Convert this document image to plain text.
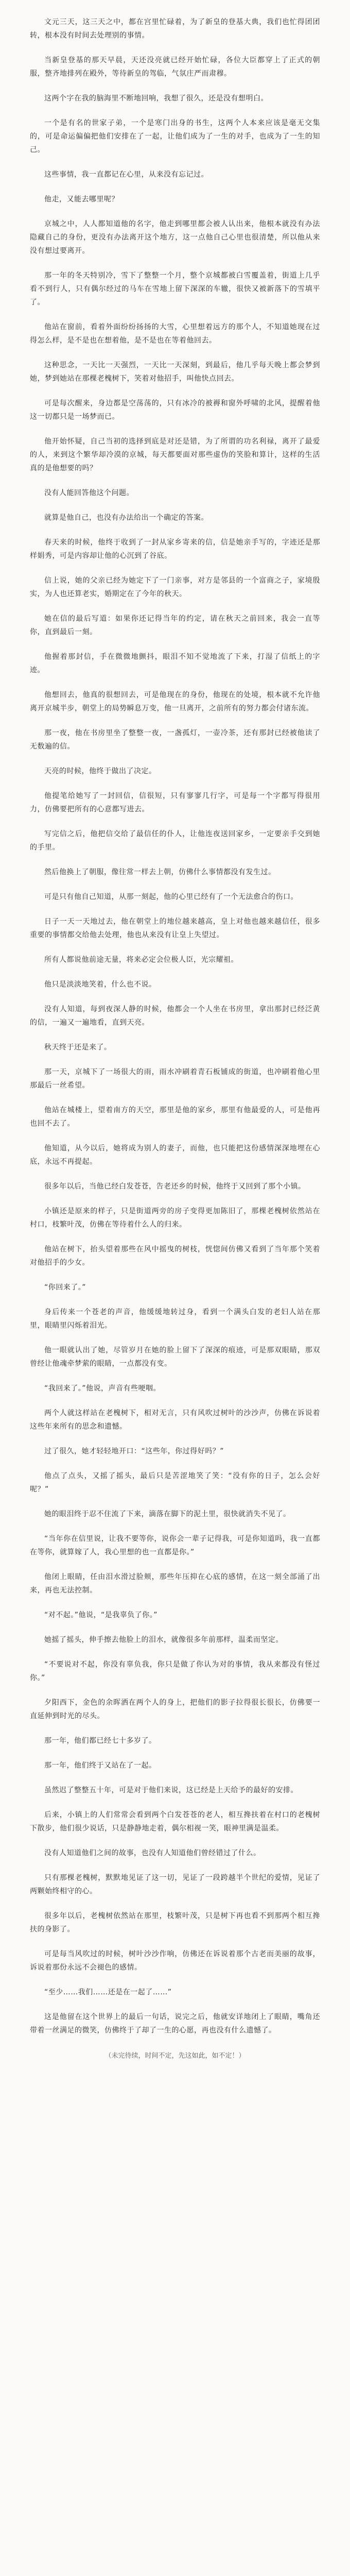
文元三天，这三天之中，都在宫里忙碌着，为了新皇的登基大典，我们也忙得团团转，根本没有时间去处理别的事情。

当新皇登基的那天早晨，天还没亮就已经开始忙碌，各位大臣都穿上了正式的朝服，整齐地排列在殿外，等待新皇的驾临，气氛庄严而肃穆。

这两个字在我的脑海里不断地回响，我想了很久，还是没有想明白。

一个是有名的世家子弟，一个是寒门出身的书生，这两个人本来应该是毫无交集的，可是命运偏偏把他们安排在了一起，让他们成为了一生的对手，也成为了一生的知己。

这些事情，我一直都记在心里，从来没有忘记过。

他走，又能去哪里呢？

京城之中，人人都知道他的名字，他走到哪里都会被人认出来，他根本就没有办法隐藏自己的身份，更没有办法离开这个地方，这一点他自己心里也很清楚，所以他从来没有想过要离开。

那一年的冬天特别冷，雪下了整整一个月，整个京城都被白雪覆盖着，街道上几乎看不到行人，只有偶尔经过的马车在雪地上留下深深的车辙，很快又被新落下的雪填平了。

他站在窗前，看着外面纷纷扬扬的大雪，心里想着远方的那个人，不知道她现在过得怎么样，是不是也在想着他，是不是也在等着他回去。

这种思念，一天比一天强烈，一天比一天深刻，到最后，他几乎每天晚上都会梦到她，梦到她站在那棵老槐树下，笑着对他招手，叫他快点回去。

可是每次醒来，身边都是空荡荡的，只有冰冷的被褥和窗外呼啸的北风，提醒着他这一切都只是一场梦而已。

他开始怀疑，自己当初的选择到底是对还是错，为了所谓的功名利禄，离开了最爱的人，来到这个繁华却冷漠的京城，每天都要面对那些虚伪的笑脸和算计，这样的生活真的是他想要的吗？

没有人能回答他这个问题。

就算是他自己，也没有办法给出一个确定的答案。

春天来的时候，他终于收到了一封从家乡寄来的信，信是她亲手写的，字迹还是那样娟秀，可是内容却让他的心沉到了谷底。

信上说，她的父亲已经为她定下了一门亲事，对方是邻县的一个富商之子，家境殷实，为人也还算老实，婚期定在了今年的秋天。

她在信的最后写道：如果你还记得当年的约定，请在秋天之前回来，我会一直等你，直到最后一刻。

他握着那封信，手在微微地颤抖，眼泪不知不觉地流了下来，打湿了信纸上的字迹。

他想回去，他真的很想回去，可是他现在的身份，他现在的处境，根本就不允许他离开京城半步，朝堂上的局势瞬息万变，他一旦离开，之前所有的努力都会付诸东流。

那一夜，他在书房里坐了整整一夜，一盏孤灯，一壶冷茶，还有那封已经被他读了无数遍的信。

天亮的时候，他终于做出了决定。

他提笔给她写了一封回信，信很短，只有寥寥几行字，可是每一个字都写得很用力，仿佛要把所有的心意都写进去。

写完信之后，他把信交给了最信任的仆人，让他连夜送回家乡，一定要亲手交到她的手里。

然后他换上了朝服，像往常一样去上朝，仿佛什么事情都没有发生过。

可是只有他自己知道，从那一刻起，他的心里已经有了一个无法愈合的伤口。

日子一天一天地过去，他在朝堂上的地位越来越高，皇上对他也越来越信任，很多重要的事情都交给他去处理，他也从来没有让皇上失望过。

所有人都说他前途无量，将来必定会位极人臣，光宗耀祖。

他只是淡淡地笑着，什么也不说。

没有人知道，每到夜深人静的时候，他都会一个人坐在书房里，拿出那封已经泛黄的信，一遍又一遍地看，直到天亮。

秋天终于还是来了。

那一天，京城下了一场很大的雨，雨水冲刷着青石板铺成的街道，也冲刷着他心里那最后一丝希望。

他站在城楼上，望着南方的天空，那里是他的家乡，那里有他最爱的人，可是他再也回不去了。

他知道，从今以后，她将成为别人的妻子，而他，也只能把这份感情深深地埋在心底，永远不再提起。

很多年以后，当他已经白发苍苍，告老还乡的时候，他终于又回到了那个小镇。

小镇还是原来的样子，只是街道两旁的房子变得更加陈旧了，那棵老槐树依然站在村口，枝繁叶茂，仿佛在等待着什么人的归来。

他站在树下，抬头望着那些在风中摇曳的树枝，恍惚间仿佛又看到了当年那个笑着对他招手的少女。

“你回来了。”

身后传来一个苍老的声音，他缓缓地转过身，看到一个满头白发的老妇人站在那里，眼睛里闪烁着泪光。

他一眼就认出了她，尽管岁月在她的脸上留下了深深的痕迹，可是那双眼睛，那双曾经让他魂牵梦萦的眼睛，一点都没有变。

“我回来了。”他说，声音有些哽咽。

两个人就这样站在老槐树下，相对无言，只有风吹过树叶的沙沙声，仿佛在诉说着这些年来所有的思念和遗憾。

过了很久，她才轻轻地开口：“这些年，你过得好吗？”

他点了点头，又摇了摇头，最后只是苦涩地笑了笑：“没有你的日子，怎么会好呢？”

她的眼泪终于忍不住流了下来，滴落在脚下的泥土里，很快就消失不见了。

“当年你在信里说，让我不要等你，说你会一辈子记得我，可是你知道吗，我一直都在等你，就算嫁了人，我心里想的也一直都是你。”

他闭上眼睛，任由泪水滑过脸颊，那些年压抑在心底的感情，在这一刻全部涌了出来，再也无法控制。

“对不起。”他说，“是我辜负了你。”

她摇了摇头，伸手擦去他脸上的泪水，就像很多年前那样，温柔而坚定。

“不要说对不起，你没有辜负我，你只是做了你认为对的事情，我从来都没有怪过你。”

夕阳西下，金色的余晖洒在两个人的身上，把他们的影子拉得很长很长，仿佛要一直延伸到时光的尽头。

那一年，他们都已经七十多岁了。

那一年，他们终于又站在了一起。

虽然迟了整整五十年，可是对于他们来说，这已经是上天给予的最好的安排。

后来，小镇上的人们常常会看到两个白发苍苍的老人，相互搀扶着在村口的老槐树下散步，他们很少说话，只是静静地走着，偶尔相视一笑，眼神里满是温柔。

没有人知道他们之间的故事，也没有人知道他们曾经错过了什么。

只有那棵老槐树，默默地见证了这一切，见证了一段跨越半个世纪的爱情，见证了两颗始终相守的心。

很多年以后，老槐树依然站在那里，枝繁叶茂，只是树下再也看不到那两个相互搀扶的身影了。

可是每当风吹过的时候，树叶沙沙作响，仿佛还在诉说着那个古老而美丽的故事，诉说着那份永远不会褪色的感情。

“至少……我们……还是在一起了……”

这是他留在这个世界上的最后一句话，说完之后，他就安详地闭上了眼睛，嘴角还带着一丝满足的微笑，仿佛终于了却了一生的心愿，再也没有什么遗憾了。

（未完待续，时间不定，先这如此，如不定！）
